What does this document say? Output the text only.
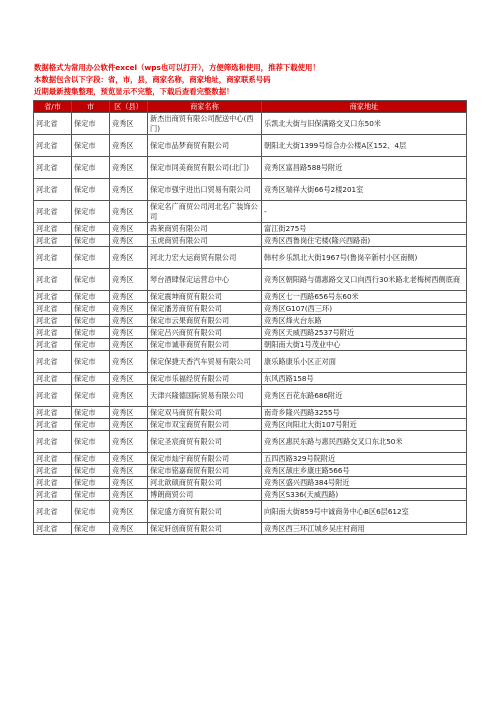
数据格式为常用办公软件excel（wps也可以打开），方便筛选和使用，推荐下载使用！
本数据包含以下字段：省，市，县，商家名称，商家地址，商家联系号码
近期最新搜集整理，预览显示不完整，下载后查看完整数据！
省/市	市	区（县）	商家名称	商家地址
河北省	保定市	竞秀区	新杰出商贸有限公司配送中心(西门)	乐凯北大街与旧保满路交叉口东50米
河北省	保定市	竞秀区	保定市品梦商贸有限公司	朝阳北大街1399号综合办公楼A区152、4层
河北省	保定市	竞秀区	保定市同美商贸有限公司(北门)	竞秀区富昌路588号附近
河北省	保定市	竞秀区	保定市强宇进出口贸易有限公司	竞秀区瑞祥大街66号2楼201室
河北省	保定市	竞秀区	保定名广商贸公司河北名广装饰公司	-
河北省	保定市	竞秀区	犇莱商贸有限公司	富江街275号
河北省	保定市	竞秀区	玉虎商贸有限公司	竞秀区西鲁岗住宅楼(隆兴西路南)
河北省	保定市	竞秀区	河北力宏大运商贸有限公司	韩村乡乐凯北大街1967号(鲁岗辛新村小区南侧)
河北省	保定市	竞秀区	琴台酒肆保定运营总中心	竞秀区朝阳路与德惠路交叉口向西行30米路北老梅树西侧底商
河北省	保定市	竞秀区	保定震坤商贸有限公司	竞秀区七一西路656号东60米
河北省	保定市	竞秀区	保定潘芳商贸有限公司	竞秀区G107(西三环)
河北省	保定市	竞秀区	保定市云果商贸有限公司	竞秀区烽火台东路
河北省	保定市	竞秀区	保定吕兴商贸有限公司	竞秀区天威西路2537号附近
河北省	保定市	竞秀区	保定市诚菲商贸有限公司	朝阳南大街1号茂业中心
河北省	保定市	竞秀区	保定保捷天香汽车贸易有限公司	康乐路康乐小区正对面
河北省	保定市	竞秀区	保定市乐福经贸有限公司	东风西路158号
河北省	保定市	竞秀区	天津兴隆德国际贸易有限公司	竞秀区百花东路686附近
河北省	保定市	竞秀区	保定双马商贸有限公司	南奇乡隆兴西路3255号
河北省	保定市	竞秀区	保定市双宝商贸有限公司	竞秀区向阳北大街107号附近
河北省	保定市	竞秀区	保定圣宸商贸有限公司	竞秀区惠民东路与惠民西路交叉口东北50米
河北省	保定市	竞秀区	保定市灿宇商贸有限公司	五四西路329号院附近
河北省	保定市	竞秀区	保定市铭嘉商贸有限公司	竞秀区颉庄乡康庄路566号
河北省	保定市	竞秀区	河北歆硕商贸有限公司	竞秀区盛兴西路384号附近
河北省	保定市	竞秀区	博朗商贸公司	竞秀区S336(天威西路)
河北省	保定市	竞秀区	保定盛方商贸有限公司	向阳南大街859号中诚商务中心B区6层612室
河北省	保定市	竞秀区	保定轩创商贸有限公司	竞秀区西三环江城乡吴庄村商用
